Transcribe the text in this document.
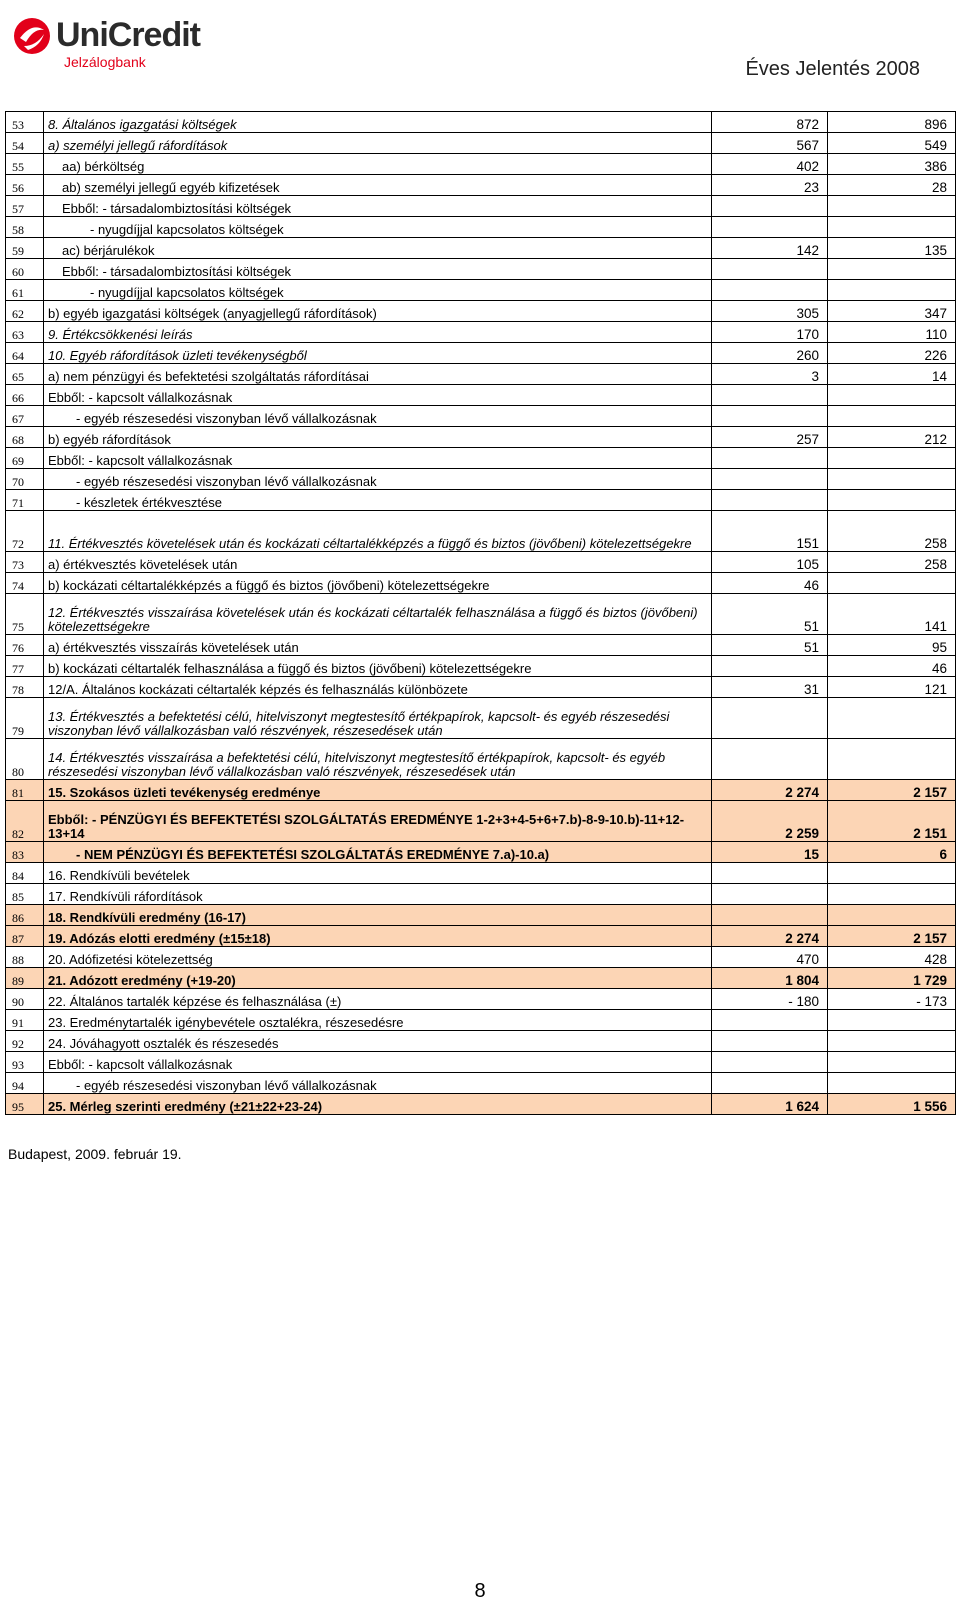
UniCredit
Jelzálogbank	Éves Jelentés 2008
53	8. Általános igazgatási költségek	872	896
54	a) személyi jellegű ráfordítások	567	549
55	aa) bérköltség	402	386
56	ab) személyi jellegű egyéb kifizetések	23	28
57	Ebből: - társadalombiztosítási költségek		
58	- nyugdíjjal kapcsolatos költségek		
59	ac) bérjárulékok	142	135
60	Ebből: - társadalombiztosítási költségek		
61	- nyugdíjjal kapcsolatos költségek		
62	b) egyéb igazgatási költségek (anyagjellegű ráfordítások)	305	347
63	9. Értékcsökkenési leírás	170	110
64	10. Egyéb ráfordítások üzleti tevékenységből	260	226
65	a) nem pénzügyi és befektetési szolgáltatás ráfordításai	3	14
66	Ebből: - kapcsolt vállalkozásnak		
67	- egyéb részesedési viszonyban lévő vállalkozásnak		
68	b) egyéb ráfordítások	257	212
69	Ebből: - kapcsolt vállalkozásnak		
70	- egyéb részesedési viszonyban lévő vállalkozásnak		
71	- készletek értékvesztése		
72	11. Értékvesztés követelések után és kockázati céltartalékképzés a függő és biztos (jövőbeni) kötelezettségekre	151	258
73	a) értékvesztés követelések után	105	258
74	b) kockázati céltartalékképzés a függő és biztos (jövőbeni) kötelezettségekre	46	
75	12. Értékvesztés visszaírása követelések után és kockázati céltartalék felhasználása a függő és biztos (jövőbeni) kötelezettségekre	51	141
76	a) értékvesztés visszaírás követelések után	51	95
77	b) kockázati céltartalék felhasználása a függő és biztos (jövőbeni) kötelezettségekre		46
78	12/A. Általános kockázati céltartalék képzés és felhasználás különbözete	31	121
79	13. Értékvesztés a befektetési célú, hitelviszonyt megtestesítő értékpapírok, kapcsolt- és egyéb részesedési viszonyban lévő vállalkozásban való részvények, részesedések után		
80	14. Értékvesztés visszaírása a befektetési célú, hitelviszonyt megtestesítő értékpapírok, kapcsolt- és egyéb részesedési viszonyban lévő vállalkozásban való részvények, részesedések után		
81	15. Szokásos üzleti tevékenység eredménye	2 274	2 157
82	Ebből: - PÉNZÜGYI ÉS BEFEKTETÉSI SZOLGÁLTATÁS EREDMÉNYE 1-2+3+4-5+6+7.b)-8-9-10.b)-11+12-13+14	2 259	2 151
83	- NEM PÉNZÜGYI ÉS BEFEKTETÉSI SZOLGÁLTATÁS EREDMÉNYE 7.a)-10.a)	15	6
84	16. Rendkívüli bevételek		
85	17. Rendkívüli ráfordítások		
86	18. Rendkívüli eredmény (16-17)		
87	19. Adózás elotti eredmény (±15±18)	2 274	2 157
88	20. Adófizetési kötelezettség	470	428
89	21. Adózott eredmény (+19-20)	1 804	1 729
90	22. Általános tartalék képzése és felhasználása (±)	- 180	- 173
91	23. Eredménytartalék igénybevétele osztalékra, részesedésre		
92	24. Jóváhagyott osztalék és részesedés		
93	Ebből: - kapcsolt vállalkozásnak		
94	- egyéb részesedési viszonyban lévő vállalkozásnak		
95	25. Mérleg szerinti eredmény (±21±22+23-24)	1 624	1 556
Budapest, 2009. február 19.
8
